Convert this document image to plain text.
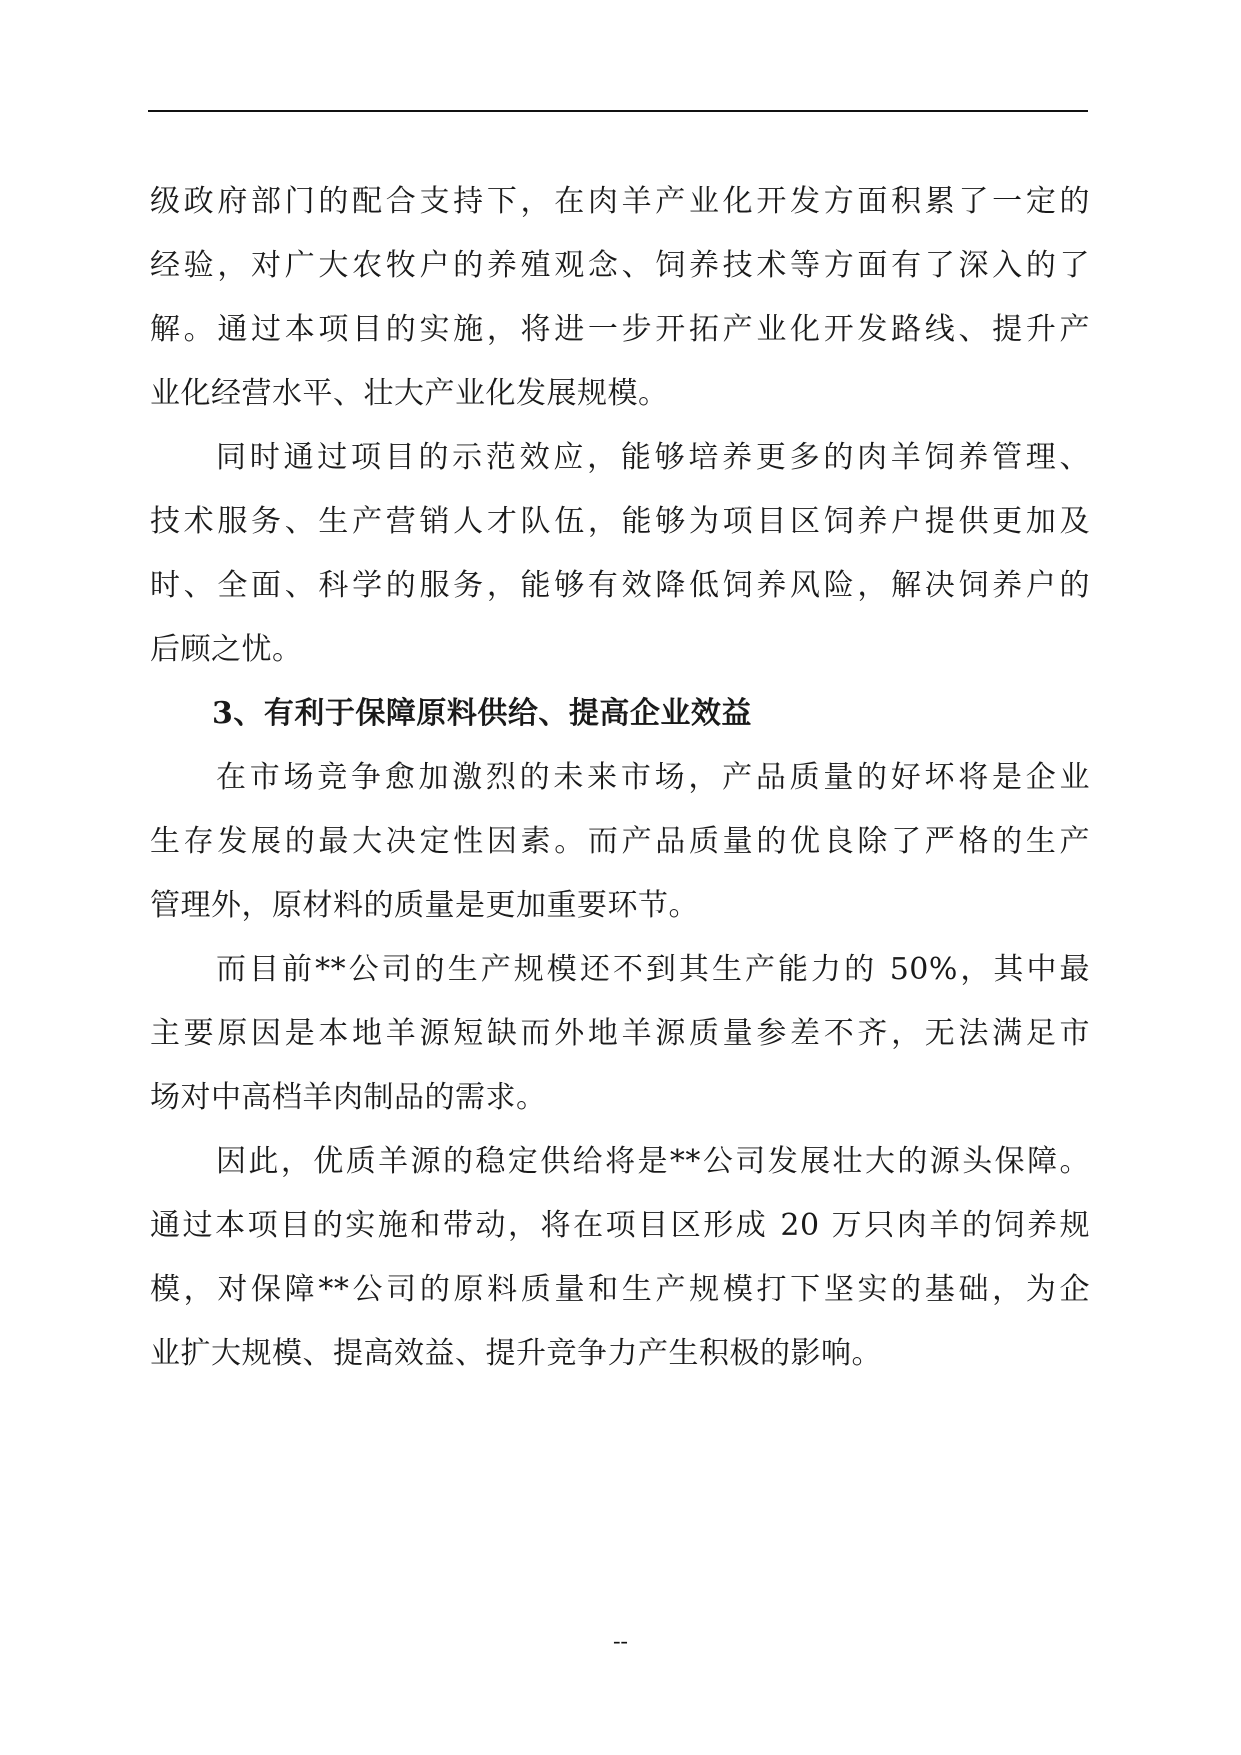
级政府部门的配合支持下，在肉羊产业化开发方面积累了一定的
经验，对广大农牧户的养殖观念、饲养技术等方面有了深入的了
解。通过本项目的实施，将进一步开拓产业化开发路线、提升产
业化经营水平、壮大产业化发展规模。
同时通过项目的示范效应，能够培养更多的肉羊饲养管理、
技术服务、生产营销人才队伍，能够为项目区饲养户提供更加及
时、全面、科学的服务，能够有效降低饲养风险，解决饲养户的
后顾之忧。
3、有利于保障原料供给、提高企业效益
在市场竞争愈加激烈的未来市场，产品质量的好坏将是企业
生存发展的最大决定性因素。而产品质量的优良除了严格的生产
管理外，原材料的质量是更加重要环节。
而目前**公司的生产规模还不到其生产能力的 50%，其中最
主要原因是本地羊源短缺而外地羊源质量参差不齐，无法满足市
场对中高档羊肉制品的需求。
因此，优质羊源的稳定供给将是**公司发展壮大的源头保障。
通过本项目的实施和带动，将在项目区形成 20 万只肉羊的饲养规
模，对保障**公司的原料质量和生产规模打下坚实的基础，为企
业扩大规模、提高效益、提升竞争力产生积极的影响。
--
